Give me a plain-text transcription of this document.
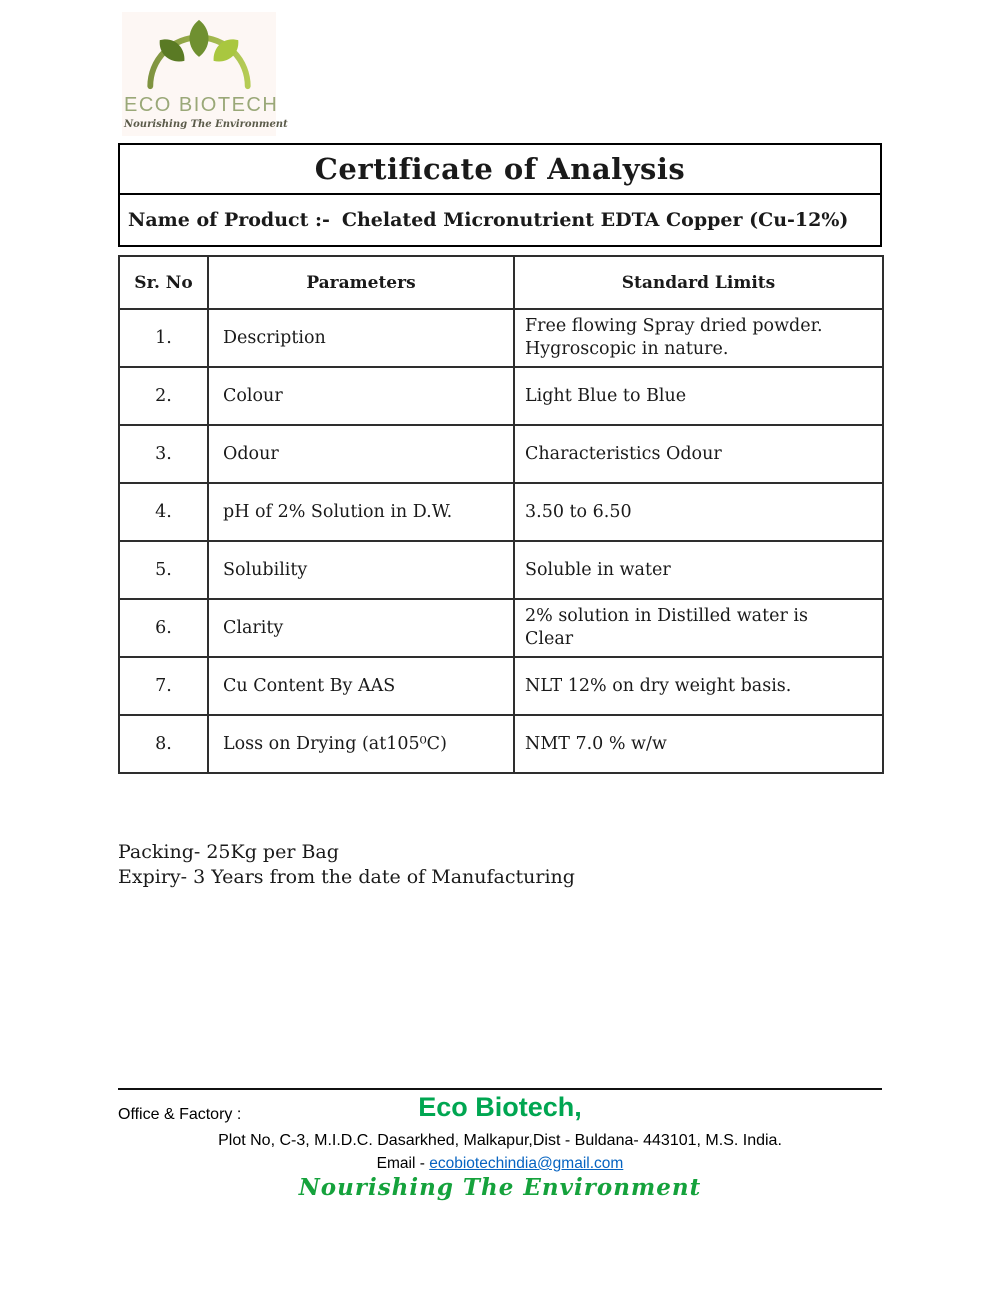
ECO BIOTECH
Nourishing The Environment
Certificate of Analysis
Name of Product :- Chelated Micronutrient EDTA Copper (Cu-12%)
Sr. No	Parameters	Standard Limits
1.	Description	Free flowing Spray dried powder. Hygroscopic in nature.
2.	Colour	Light Blue to Blue
3.	Odour	Characteristics Odour
4.	pH of 2% Solution in D.W.	3.50 to 6.50
5.	Solubility	Soluble in water
6.	Clarity	2% solution in Distilled water is Clear
7.	Cu Content By AAS	NLT 12% on dry weight basis.
8.	Loss on Drying (at105⁰C)	NMT 7.0 % w/w
Packing- 25Kg per Bag
Expiry- 3 Years from the date of Manufacturing
Office & Factory :	Eco Biotech,
Plot No, C-3, M.I.D.C. Dasarkhed, Malkapur,Dist - Buldana- 443101, M.S. India.
Email - ecobiotechindia@gmail.com
Nourishing The Environment
